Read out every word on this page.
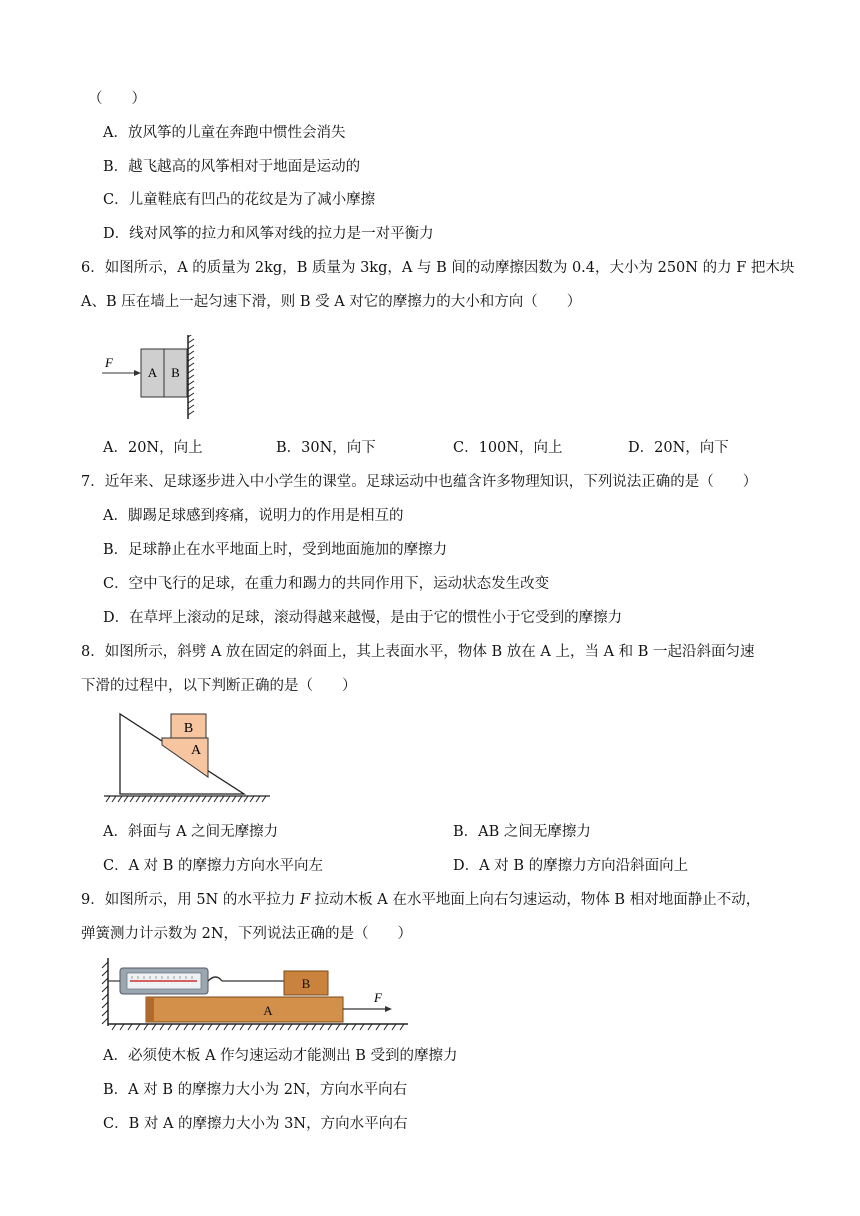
（　　）
A．放风筝的儿童在奔跑中惯性会消失
B．越飞越高的风筝相对于地面是运动的
C．儿童鞋底有凹凸的花纹是为了减小摩擦
D．线对风筝的拉力和风筝对线的拉力是一对平衡力
6．如图所示，A 的质量为 2kg，B 质量为 3kg，A 与 B 间的动摩擦因数为 0.4，大小为 250N 的力 F 把木块
A、B 压在墙上一起匀速下滑，则 B 受 A 对它的摩擦力的大小和方向（　　）
A B
F
A．20N，向上	B．30N，向下	C．100N，向上	D．20N，向下
7．近年来、足球逐步进入中小学生的课堂。足球运动中也蕴含许多物理知识，下列说法正确的是（　　）
A．脚踢足球感到疼痛，说明力的作用是相互的
B．足球静止在水平地面上时，受到地面施加的摩擦力
C．空中飞行的足球，在重力和踢力的共同作用下，运动状态发生改变
D．在草坪上滚动的足球，滚动得越来越慢，是由于它的惯性小于它受到的摩擦力
8．如图所示，斜劈 A 放在固定的斜面上，其上表面水平，物体 B 放在 A 上，当 A 和 B 一起沿斜面匀速
下滑的过程中，以下判断正确的是（　　）
B
A
A．斜面与 A 之间无摩擦力	B．AB 之间无摩擦力
C．A 对 B 的摩擦力方向水平向左	D．A 对 B 的摩擦力方向沿斜面向上
9．如图所示，用 5N 的水平拉力 F 拉动木板 A 在水平地面上向右匀速运动，物体 B 相对地面静止不动，
弹簧测力计示数为 2N，下列说法正确的是（　　）
B
A
F
A．必须使木板 A 作匀速运动才能测出 B 受到的摩擦力
B．A 对 B 的摩擦力大小为 2N，方向水平向右
C．B 对 A 的摩擦力大小为 3N，方向水平向右
